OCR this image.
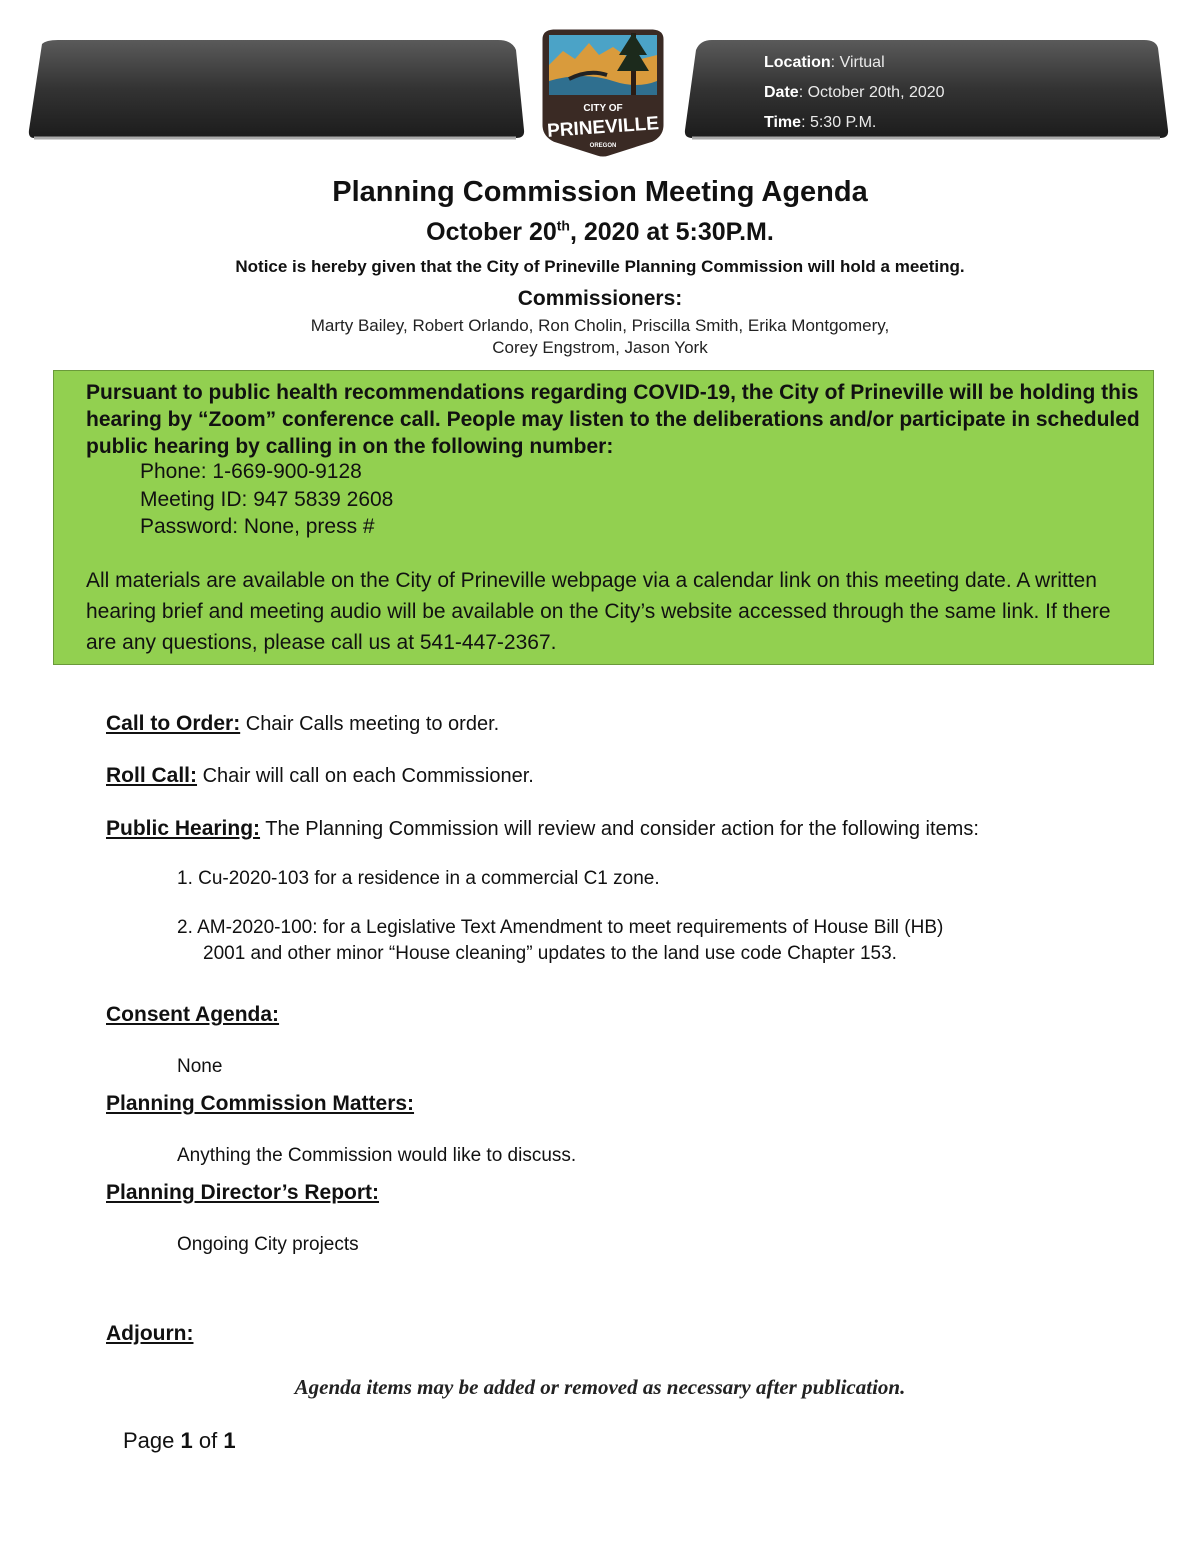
Location: Virtual
Date: October 20th, 2020
Time: 5:30 P.M.
CITY OF
PRINEVILLE
OREGON
Planning Commission Meeting Agenda
October 20th, 2020 at 5:30P.M.
Notice is hereby given that the City of Prineville Planning Commission will hold a meeting.
Commissioners:
Marty Bailey, Robert Orlando, Ron Cholin, Priscilla Smith, Erika Montgomery,
Corey Engstrom, Jason York
Pursuant to public health recommendations regarding COVID-19, the City of Prineville will be holding this hearing by “Zoom” conference call. People may listen to the deliberations and/or participate in scheduled public hearing by calling in on the following number:
Phone: 1-669-900-9128
Meeting ID: 947 5839 2608
Password: None, press #
All materials are available on the City of Prineville webpage via a calendar link on this meeting date. A written hearing brief and meeting audio will be available on the City’s website accessed through the same link. If there are any questions, please call us at 541-447-2367.
Call to Order: Chair Calls meeting to order.
Roll Call: Chair will call on each Commissioner.
Public Hearing: The Planning Commission will review and consider action for the following items:
1. Cu-2020-103 for a residence in a commercial C1 zone.
2. AM-2020-100: for a Legislative Text Amendment to meet requirements of House Bill (HB)
2001 and other minor “House cleaning” updates to the land use code Chapter 153.
Consent Agenda:
None
Planning Commission Matters:
Anything the Commission would like to discuss.
Planning Director’s Report:
Ongoing City projects
Adjourn:
Agenda items may be added or removed as necessary after publication.
Page 1 of 1
